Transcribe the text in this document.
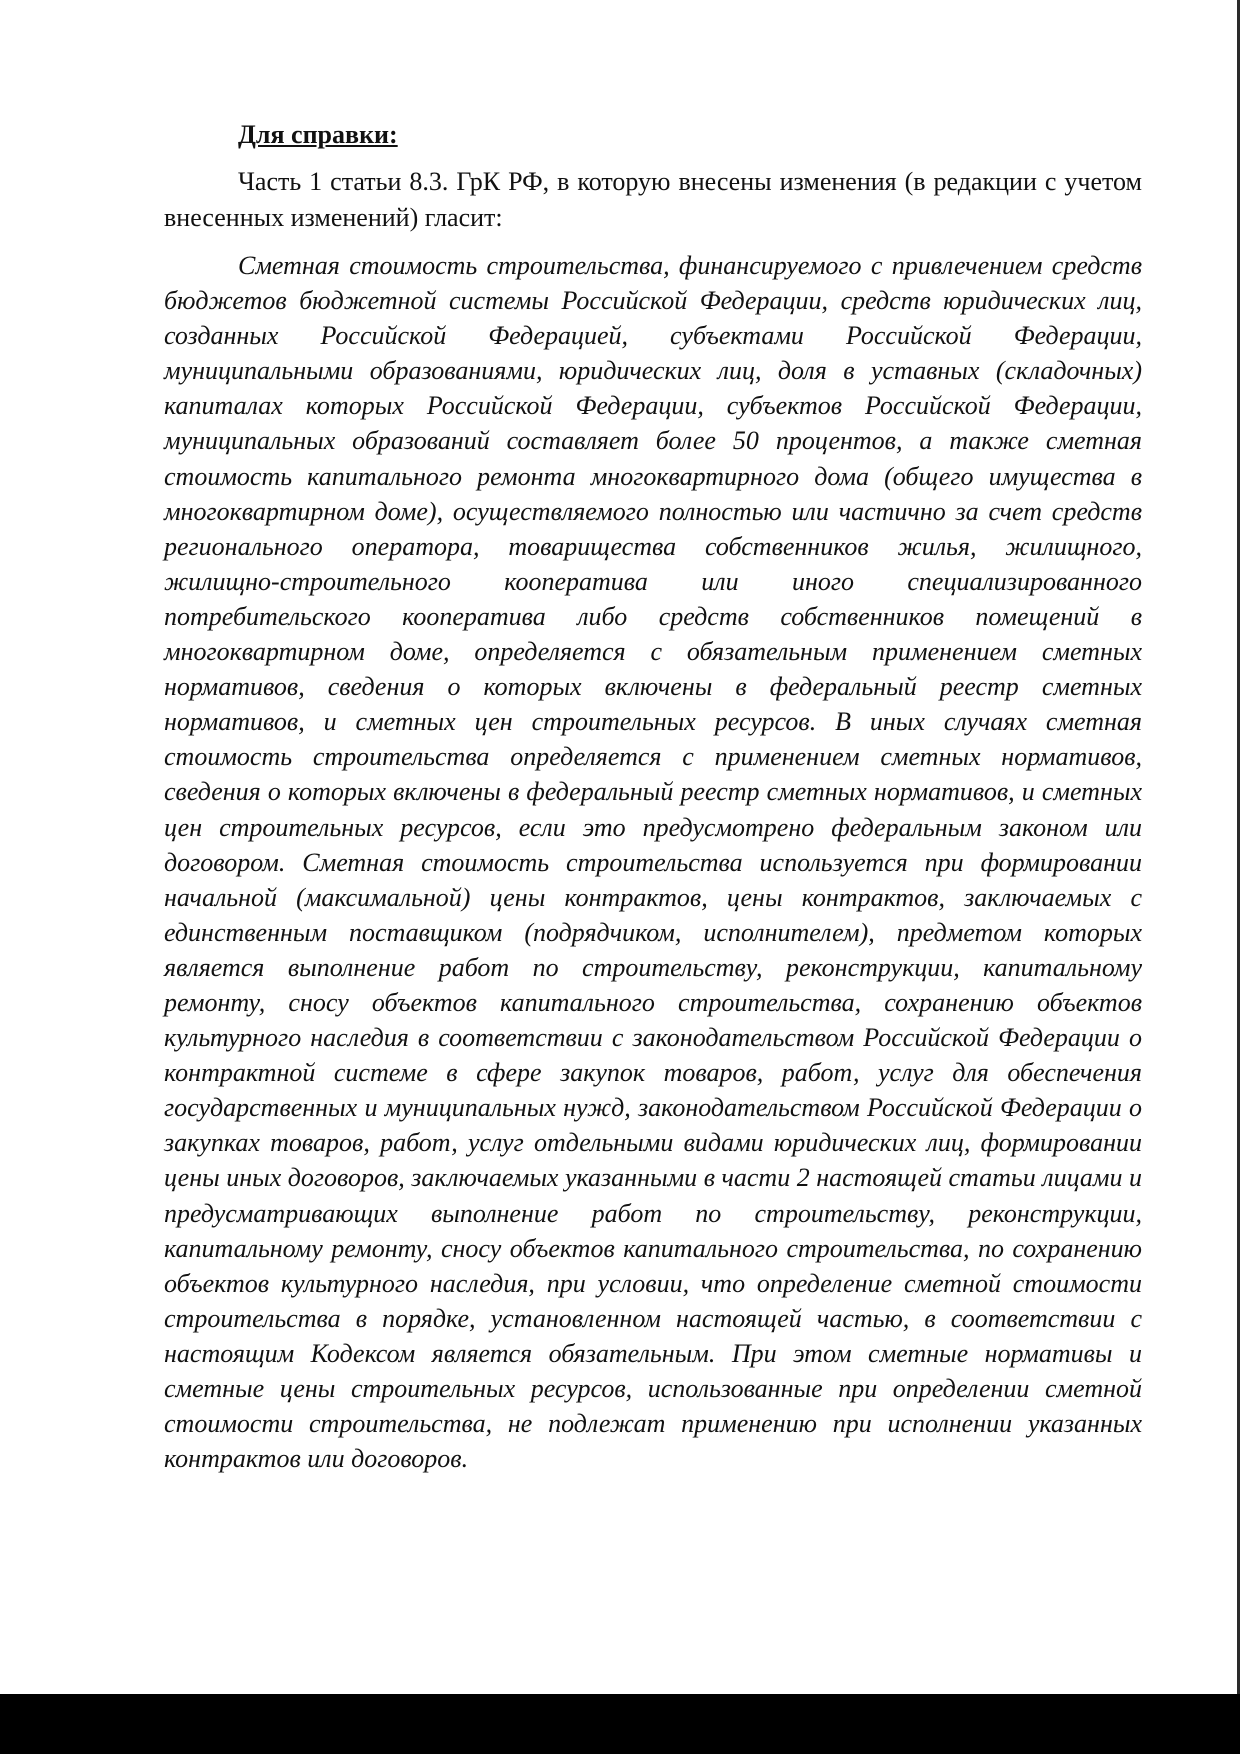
Для справки:

Часть 1 статьи 8.3. ГрК РФ, в которую внесены изменения (в редакции с учетом внесенных изменений) гласит:

Сметная стоимость строительства, финансируемого с привлечением средств бюджетов бюджетной системы Российской Федерации, средств юридических лиц, созданных Российской Федерацией, субъектами Российской Федерации, муниципальными образованиями, юридических лиц, доля в уставных (складочных) капиталах которых Российской Федерации, субъектов Российской Федерации, муниципальных образований составляет более 50 процентов, а также сметная стоимость капитального ремонта многоквартирного дома (общего имущества в многоквартирном доме), осуществляемого полностью или частично за счет средств регионального оператора, товарищества собственников жилья, жилищного, жилищно-строительного кооператива или иного специализированного потребительского кооператива либо средств собственников помещений в многоквартирном доме, определяется с обязательным применением сметных нормативов, сведения о которых включены в федеральный реестр сметных нормативов, и сметных цен строительных ресурсов. В иных случаях сметная стоимость строительства определяется с применением сметных нормативов, сведения о которых включены в федеральный реестр сметных нормативов, и сметных цен строительных ресурсов, если это предусмотрено федеральным законом или договором. Сметная стоимость строительства используется при формировании начальной (максимальной) цены контрактов, цены контрактов, заключаемых с единственным поставщиком (подрядчиком, исполнителем), предметом которых является выполнение работ по строительству, реконструкции, капитальному ремонту, сносу объектов капитального строительства, сохранению объектов культурного наследия в соответствии с законодательством Российской Федерации о контрактной системе в сфере закупок товаров, работ, услуг для обеспечения государственных и муниципальных нужд, законодательством Российской Федерации о закупках товаров, работ, услуг отдельными видами юридических лиц, формировании цены иных договоров, заключаемых указанными в части 2 настоящей статьи лицами и предусматривающих выполнение работ по строительству, реконструкции, капитальному ремонту, сносу объектов капитального строительства, по сохранению объектов культурного наследия, при условии, что определение сметной стоимости строительства в порядке, установленном настоящей частью, в соответствии с настоящим Кодексом является обязательным. При этом сметные нормативы и сметные цены строительных ресурсов, использованные при определении сметной стоимости строительства, не подлежат применению при исполнении указанных контрактов или договоров.
